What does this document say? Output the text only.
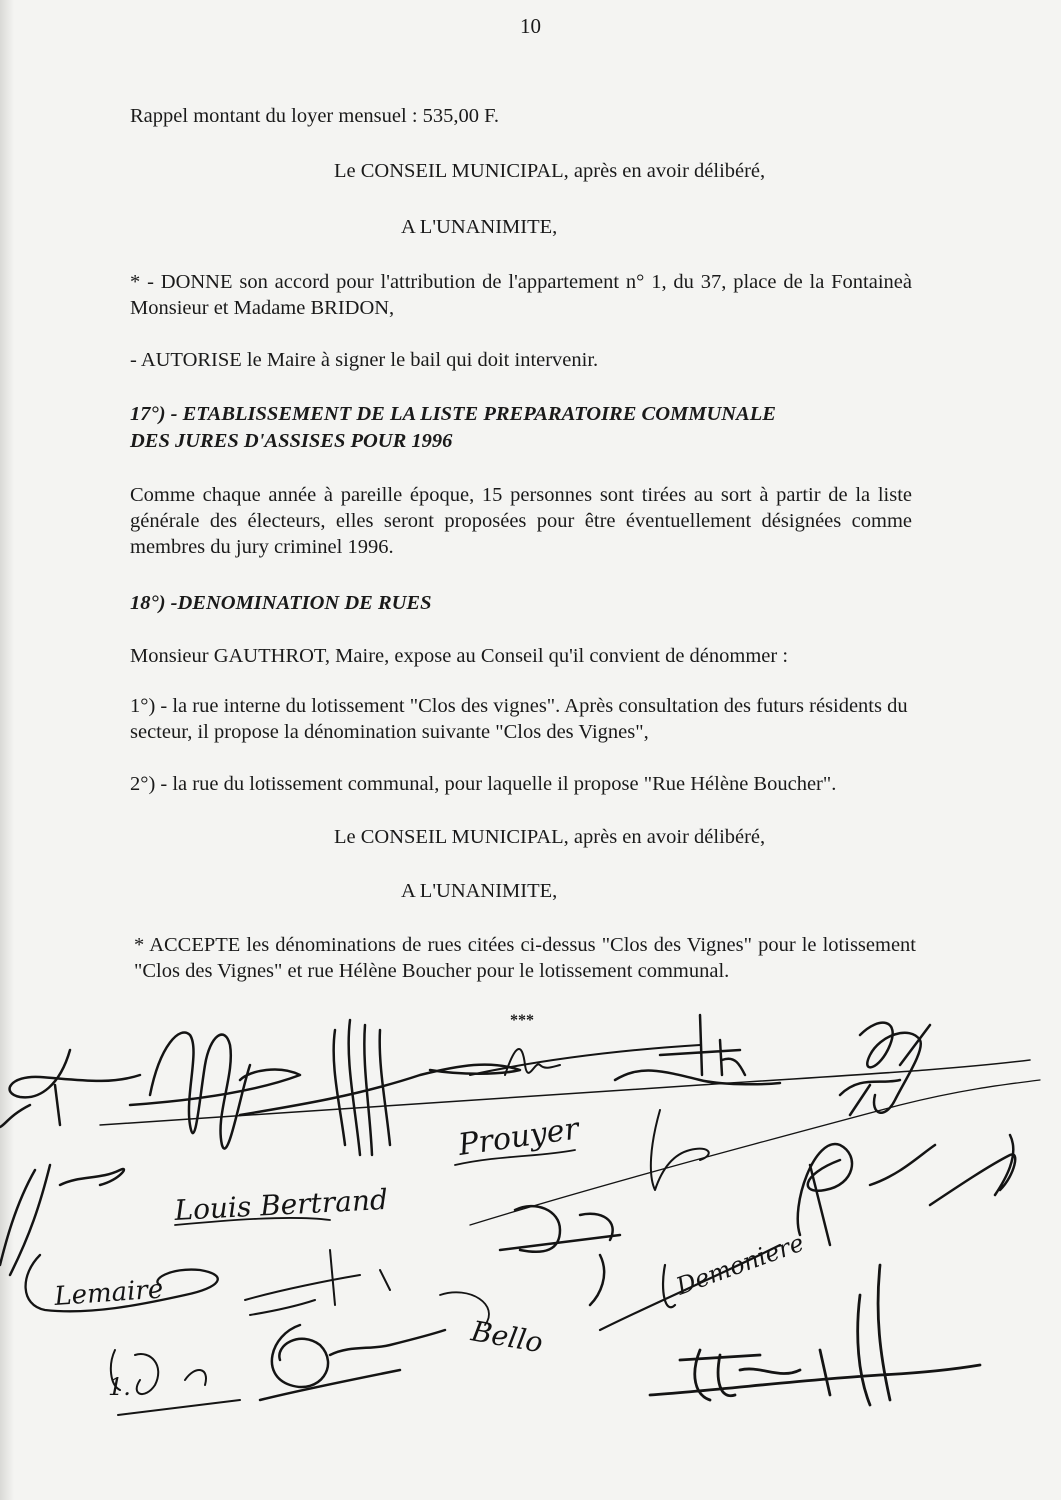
10
Rappel montant du loyer mensuel : 535,00 F.
Le CONSEIL MUNICIPAL, après en avoir délibéré,
A L'UNANIMITE,
* - DONNE son accord pour l'attribution de l'appartement n° 1, du 37, place de la Fontaineà Monsieur et Madame BRIDON,
- AUTORISE le Maire à signer le bail qui doit intervenir.
17°) - ETABLISSEMENT DE LA LISTE PREPARATOIRE COMMUNALE
DES JURES D'ASSISES POUR 1996
Comme chaque année à pareille époque, 15 personnes sont tirées au sort à partir de la liste générale des électeurs, elles seront proposées pour être éventuellement désignées comme membres du jury criminel 1996.
18°) -DENOMINATION DE RUES
Monsieur GAUTHROT, Maire, expose au Conseil qu'il convient de dénommer :
1°) - la rue interne du lotissement "Clos des vignes". Après consultation des futurs résidents du secteur, il propose la dénomination suivante "Clos des Vignes",
2°) - la rue du lotissement communal, pour laquelle il propose "Rue Hélène Boucher".
Le CONSEIL MUNICIPAL, après en avoir délibéré,
A L'UNANIMITE,
* ACCEPTE les dénominations de rues citées ci-dessus "Clos des Vignes" pour le lotissement "Clos des Vignes" et rue Hélène Boucher pour le lotissement communal.
***
Prouyer
Louis Bertrand
Lemaire
Bello
Demoniere
1.
